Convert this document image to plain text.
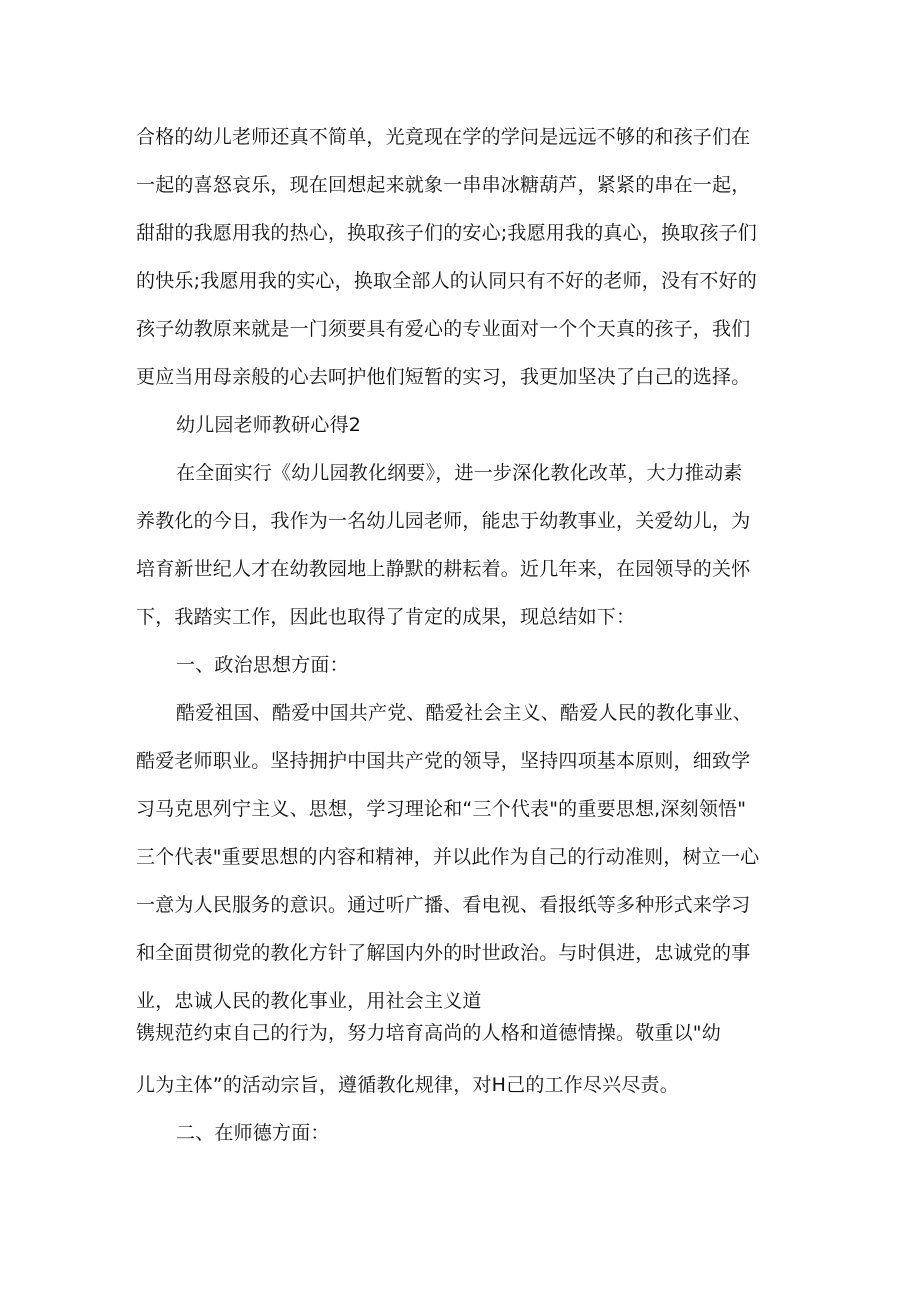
合格的幼儿老师还真不简单，光竟现在学的学问是远远不够的和孩子们在
一起的喜怒哀乐，现在回想起来就象一串串冰糖葫芦，紧紧的串在一起，
甜甜的我愿用我的热心，换取孩子们的安心;我愿用我的真心，换取孩子们
的快乐;我愿用我的实心，换取全部人的认同只有不好的老师，没有不好的
孩子幼教原来就是一门须要具有爱心的专业面对一个个天真的孩子，我们
更应当用母亲般的心去呵护他们短暂的实习，我更加坚决了白己的选择。
幼儿园老师教研心得2
在全面实行《幼儿园教化纲要》，进一步深化教化改革，大力推动素
养教化的今日，我作为一名幼儿园老师，能忠于幼教事业，关爱幼儿，为
培育新世纪人才在幼教园地上静默的耕耘着。近几年来，在园领导的关怀
下，我踏实工作，因此也取得了肯定的成果，现总结如下：
一、政治思想方面：
酷爱祖国、酷爱中国共产党、酷爱社会主义、酷爱人民的教化事业、
酷爱老师职业。坚持拥护中国共产党的领导，坚持四项基本原则，细致学
习马克思列宁主义、思想，学习理论和“三个代表"的重要思想,深刻领悟"
三个代表"重要思想的内容和精神，并以此作为自己的行动准则，树立一心
一意为人民服务的意识。通过听广播、看电视、看报纸等多种形式来学习
和全面贯彻党的教化方针了解国内外的时世政治。与时俱进，忠诚党的事
业，忠诚人民的教化事业，用社会主义道
镌规范约束自己的行为，努力培育高尚的人格和道德情操。敬重以"幼
儿为主体”的活动宗旨，遵循教化规律，对H己的工作尽兴尽责。
二、在师德方面：
